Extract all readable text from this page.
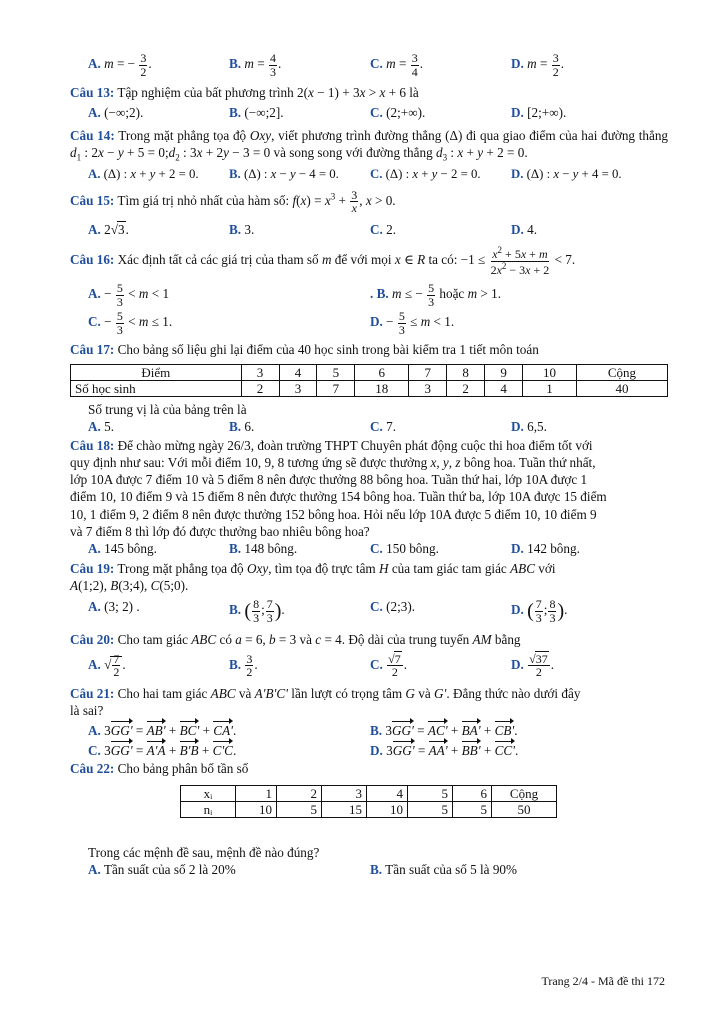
A. m = − $\frac{3}{2}$ .	B. $m = \frac{4}{3}$ .	C. $m = \frac{3}{4}$ .	D. $m = \frac{3}{2}$ .

Câu 13: Tập nghiệm của bất phương trình 2(x − 1) + 3x > x + 6 là

A. (−∞;2).	B. (−∞;2].	C. (2;+∞).	D. [2;+∞).

Câu 14: Trong mặt phẳng tọa độ Oxy, viết phương trình đường thẳng (Δ) đi qua giao điểm của hai đường thẳng $d_1$ : $2x - y + 5 = 0;d_2$ : 3x + 2y − 3 = 0 và song song với đường thẳng $d_3$ : x + y + 2 = 0.

A. (Δ) : x + y + 2 = 0.	B. (Δ) : x − y − 4 = 0.	C. (Δ) : x + y − 2 = 0.	D. (Δ) : x − y + 4 = 0.

Câu 15: Tìm giá trị nhỏ nhất của hàm số: $f(x) = x^3 + \frac{3}{x}$ , x > 0.

A. 2√3.	B. 3.	C. 2.	D. 4.

Câu 16: Xác định tất cả các giá trị của tham số m để với mọi x ∈ R ta có: $-1 \le \frac{x^2 + 5x + m}{2x^2 - 3x + 2} < 7$.

A. − $\frac{5}{3} < m < 1$	. B. m ≤ − $\frac{5}{3}$ hoặc m > 1.
C. − $\frac{5}{3} < m \le 1$.	D. − $\frac{5}{3} \le m < 1$.

Câu 17: Cho bảng số liệu ghi lại điểm của 40 học sinh trong bài kiểm tra 1 tiết môn toán

Điểm	3	4	5	6	7	8	9	10	Cộng
Số học sinh	2	3	7	18	3	2	4	1	40

Số trung vị là của bảng trên là

A. 5.	B. 6.	C. 7.	D. 6,5.
Câu 18: Để chào mừng ngày 26/3, đoàn trường THPT Chuyên phát động cuộc thi hoa điểm tốt với
quy định như sau: Với mỗi điểm 10, 9, 8 tương ứng sẽ được thưởng x, y, z bông hoa. Tuần thứ nhất,
lớp 10A được 7 điểm 10 và 5 điểm 8 nên được thưởng 88 bông hoa. Tuần thứ hai, lớp 10A được 1
điểm 10, 10 điểm 9 và 15 điểm 8 nên được thưởng 154 bông hoa. Tuần thứ ba, lớp 10A được 15 điểm
10, 1 điểm 9, 2 điểm 8 nên được thưởng 152 bông hoa. Hỏi nếu lớp 10A được 5 điểm 10, 10 điểm 9
và 7 điểm 8 thì lớp đó được thưởng bao nhiêu bông hoa?
A. 145 bông.	B. 148 bông.	C. 150 bông.	D. 142 bông.
Câu 19: Trong mặt phẳng tọa độ Oxy, tìm tọa độ trực tâm H của tam giác tam giác ABC với
A(1;2), B(3;4), C(5;0).
A. (3; 2) .	B. ( $\frac{8}{3}$ ; $\frac{7}{3}$ ).	C. (2;3).	D. ( $\frac{7}{3}$ ; $\frac{8}{3}$ ).

Câu 20: Cho tam giác ABC có a = 6, b = 3 và c = 4. Độ dài của trung tuyến AM bằng

A. √ $\frac{7}{2}$ .	B. $\frac{3}{2}$ .	C. $\frac{√7}{2}$ .	D. $\frac{√37}{2}$ .
Câu 21: Cho hai tam giác ABC và A'B'C' lần lượt có trọng tâm G và G'. Đẳng thức nào dưới đây
là sai?
A. 3GG' = AB' + BC' + CA'.	B. 3GG' = AC' + BA' + CB'.
C. 3GG' = A'A + B'B + C'C.	D. 3GG' = AA' + BB' + CC'.

Câu 22: Cho bảng phân bố tần số

xᵢ	1	2	3	4	5	6	Cộng
nᵢ	10	5	15	10	5	5	50

Trong các mệnh đề sau, mệnh đề nào đúng?

A. Tần suất của số 2 là 20%	B. Tần suất của số 5 là 90%
Trang 2/4 - Mã đề thi 172
